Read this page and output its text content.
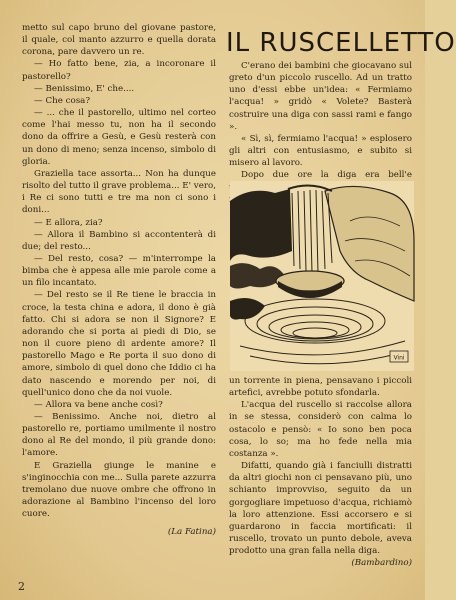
metto sul capo bruno del giovane pastore, il quale, col manto azzurro e quella dorata corona, pare davvero un re.

— Ho fatto bene, zia, a incoronare il pastorello?

— Benissimo, E' che....

— Che cosa?

— ... che il pastorello, ultimo nel corteo come l'hai messo tu, non ha il secondo dono da offrire a Gesù, e Gesù resterà con un dono di meno; senza incenso, simbolo di gloria.

Graziella tace assorta... Non ha dunque risolto del tutto il grave problema... E' vero, i Re ci sono tutti e tre ma non ci sono i doni...

— E allora, zia?

— Allora il Bambino si accontenterà di due; del resto...

— Del resto, cosa? — m'interrompe la bimba che è appesa alle mie parole come a un filo incantato.

— Del resto se il Re tiene le braccia in croce, la testa china e adora, il dono è già fatto. Chi si adora se non il Signore? E adorando che si porta ai piedi di Dio, se non il cuore pieno di ardente amore? Il pastorello Mago e Re porta il suo dono di amore, simbolo di quel dono che Iddio ci ha dato nascendo e morendo per noi, di quell'unico dono che da noi vuole.

— Allora va bene anche così?

— Benissimo. Anche noi, dietro al pastorello re, portiamo umilmente il nostro dono al Re del mondo, il più grande dono: l'amore.

E Graziella giunge le manine e s'inginocchia con me... Sulla parete azzurra tremolano due nuove ombre che offrono in adorazione al Bambino l'incenso del loro cuore.

(La Fatina)

IL RUSCELLETTO

C'erano dei bambini che giocavano sul greto d'un piccolo ruscello. Ad un tratto uno d'essi ebbe un'idea: « Fermiamo l'acqua! » gridò « Volete? Basterà costruire una diga con sassi rami e fango ».

« Sì, sì, fermiamo l'acqua! » esplosero gli altri con entusiasmo, e subito si misero al lavoro.

Dopo due ore la diga era bell'e

Vini

un torrente in piena, pensavano i piccoli artefici, avrebbe potuto sfondarla.

L'acqua del ruscello si raccolse allora in se stessa, considerò con calma lo ostacolo e pensò: « Io sono ben poca cosa, lo so; ma ho fede nella mia costanza ».

Difatti, quando già i fanciulli distratti da altri giochi non ci pensavano più, uno schianto improvviso, seguito da un gorgogliare impetuoso d'acqua, richiamò la loro attenzione. Essi accorsero e si guardarono in faccia mortificati: il ruscello, trovato un punto debole, aveva prodotto una gran falla nella diga.

(Bambardino)

2
